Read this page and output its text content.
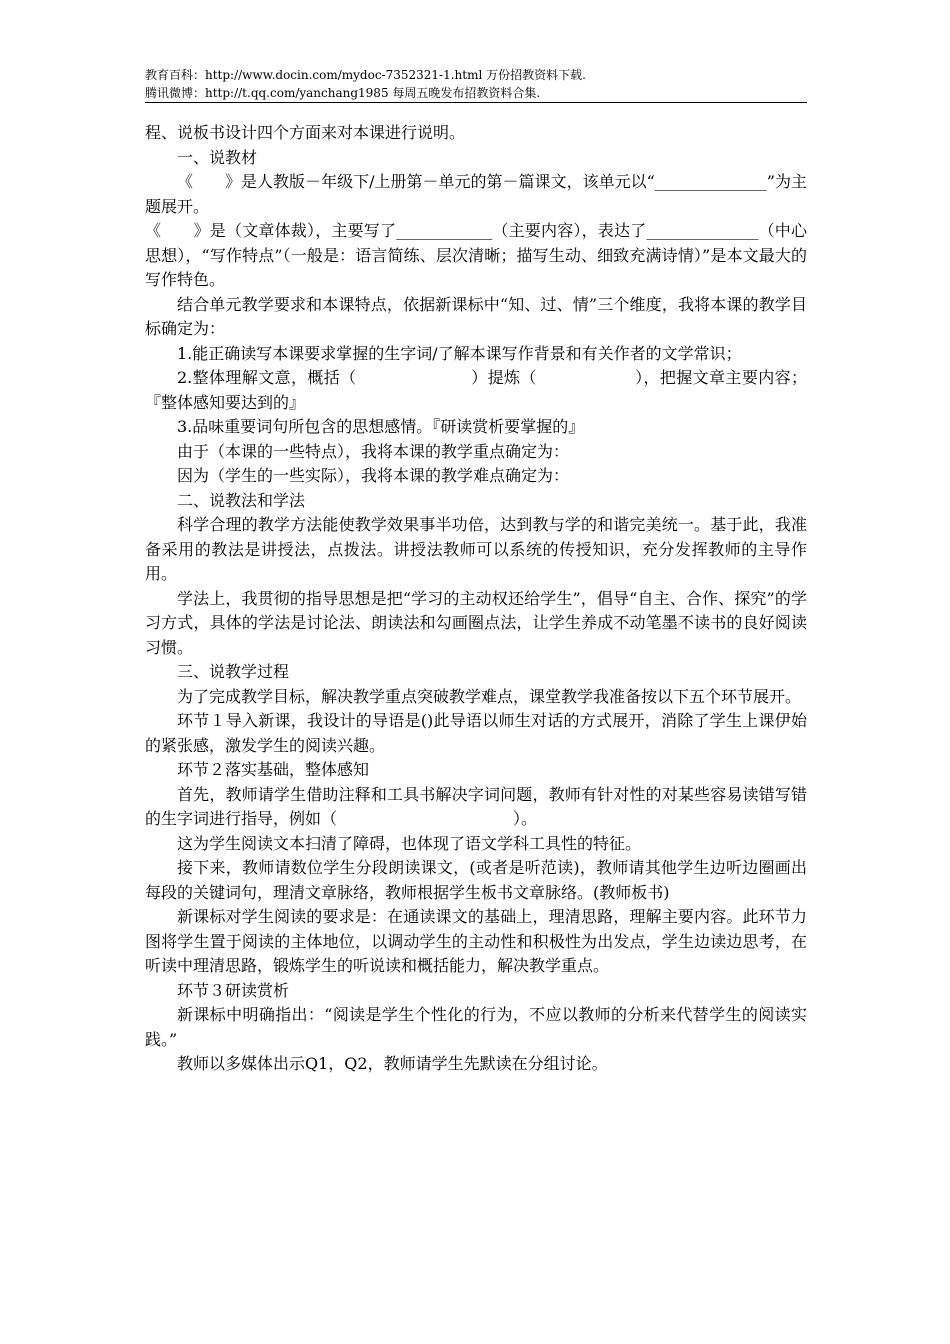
教育百科：http://www.docin.com/mydoc-7352321-1.html 万份招教资料下载.
腾讯微博：http://t.qq.com/yanchang1985 每周五晚发布招教资料合集.

程、说板书设计四个方面来对本课进行说明。

一、说教材

《　　》是人教版－年级下/上册第－单元的第－篇课文，该单元以“______________”为主题展开。

《　　》是（文章体裁），主要写了____________（主要内容），表达了______________（中心思想），“写作特点”（一般是：语言简练、层次清晰；描写生动、细致充满诗情）”是本文最大的写作特色。

结合单元教学要求和本课特点，依据新课标中“知、过、情”三个维度，我将本课的教学目标确定为：

1.能正确读写本课要求掌握的生字词/了解本课写作背景和有关作者的文学常识；

2.整体理解文意，概括（　　　　　　　）提炼（　　　　　　），把握文章主要内容；『整体感知要达到的』

3.品味重要词句所包含的思想感情。『研读赏析要掌握的』

由于（本课的一些特点），我将本课的教学重点确定为：

因为（学生的一些实际），我将本课的教学难点确定为：

二、说教法和学法

科学合理的教学方法能使教学效果事半功倍，达到教与学的和谐完美统一。基于此，我准备采用的教法是讲授法，点拨法。讲授法教师可以系统的传授知识，充分发挥教师的主导作用。

学法上，我贯彻的指导思想是把“学习的主动权还给学生”，倡导“自主、合作、探究”的学习方式，具体的学法是讨论法、朗读法和勾画圈点法，让学生养成不动笔墨不读书的良好阅读习惯。

三、说教学过程

为了完成教学目标，解决教学重点突破教学难点，课堂教学我准备按以下五个环节展开。

环节１导入新课，我设计的导语是()此导语以师生对话的方式展开，消除了学生上课伊始的紧张感，激发学生的阅读兴趣。

环节２落实基础，整体感知

首先，教师请学生借助注释和工具书解决字词问题，教师有针对性的对某些容易读错写错的生字词进行指导，例如（　　　　　　　　　　　）。

这为学生阅读文本扫清了障碍，也体现了语文学科工具性的特征。

接下来，教师请数位学生分段朗读课文，(或者是听范读)，教师请其他学生边听边圈画出每段的关键词句，理清文章脉络，教师根据学生板书文章脉络。(教师板书)

新课标对学生阅读的要求是：在通读课文的基础上，理清思路，理解主要内容。此环节力图将学生置于阅读的主体地位，以调动学生的主动性和积极性为出发点，学生边读边思考，在听读中理清思路，锻炼学生的听说读和概括能力，解决教学重点。

环节３研读赏析

新课标中明确指出：“阅读是学生个性化的行为，不应以教师的分析来代替学生的阅读实践。”

教师以多媒体出示Q1，Q2，教师请学生先默读在分组讨论。
